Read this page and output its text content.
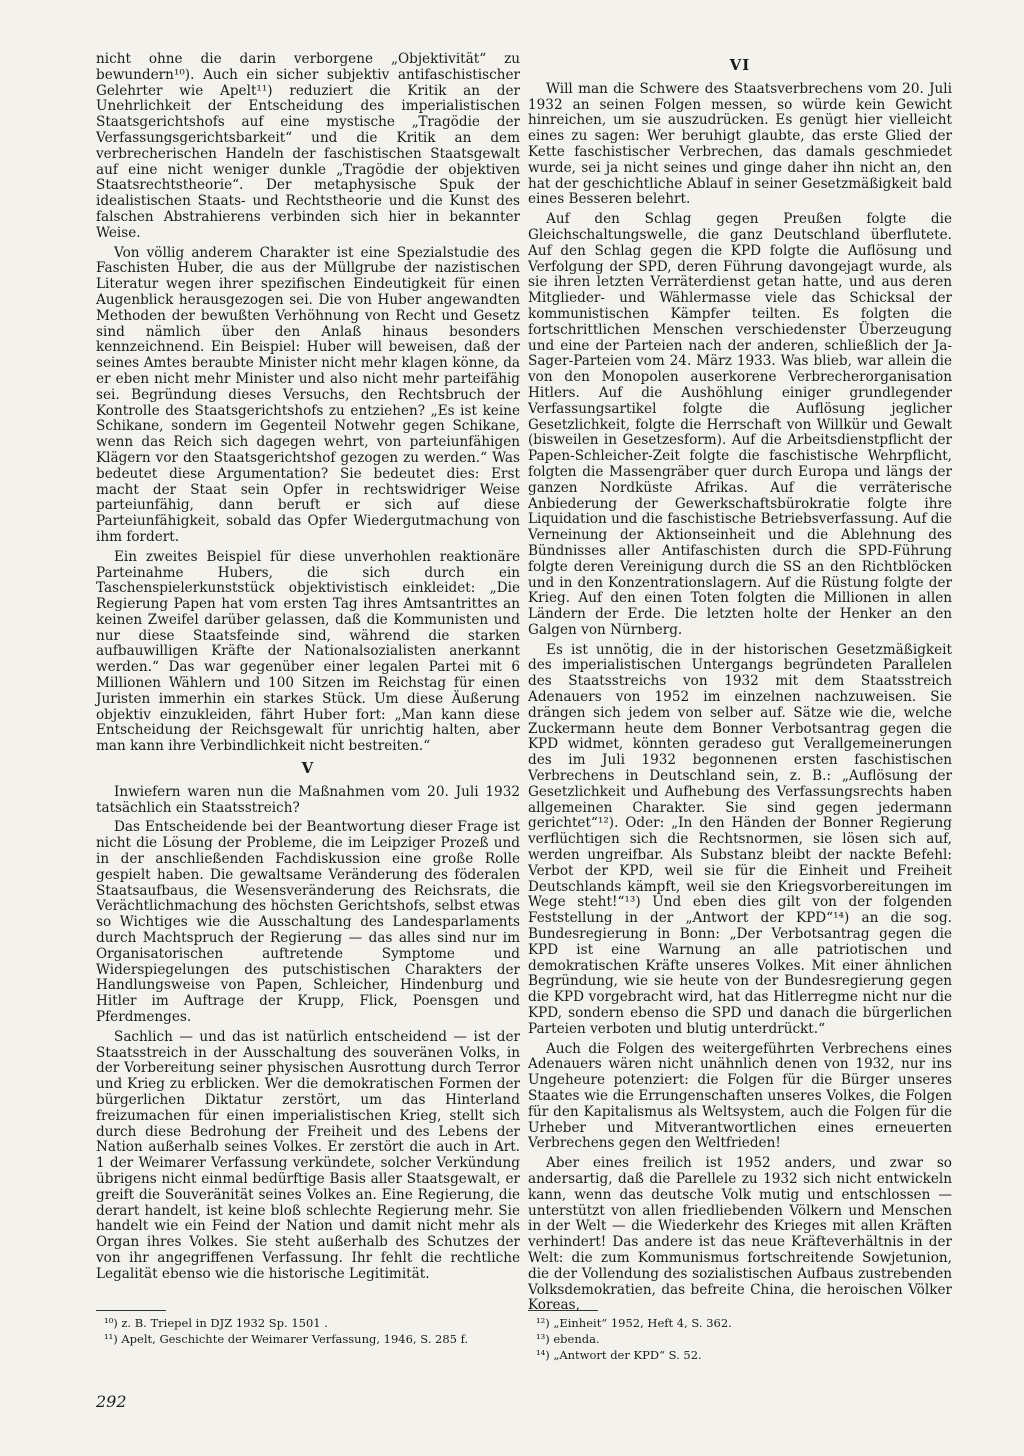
nicht ohne die darin verborgene „Objektivität“ zu bewundern¹⁰). Auch ein sicher subjektiv antifaschistischer Gelehrter wie Apelt¹¹) reduziert die Kritik an der Unehrlichkeit der Entscheidung des imperialistischen Staatsgerichtshofs auf eine mystische „Tragödie der Verfassungsgerichtsbarkeit“ und die Kritik an dem verbrecherischen Handeln der faschistischen Staatsgewalt auf eine nicht weniger dunkle „Tragödie der objektiven Staatsrechtstheorie“. Der metaphysische Spuk der idealistischen Staats- und Rechtstheorie und die Kunst des falschen Abstrahierens verbinden sich hier in bekannter Weise.

Von völlig anderem Charakter ist eine Spezialstudie des Faschisten Huber, die aus der Müllgrube der nazistischen Literatur wegen ihrer spezifischen Eindeutigkeit für einen Augenblick herausgezogen sei. Die von Huber angewandten Methoden der bewußten Verhöhnung von Recht und Gesetz sind nämlich über den Anlaß hinaus besonders kennzeichnend. Ein Beispiel: Huber will beweisen, daß der seines Amtes beraubte Minister nicht mehr klagen könne, da er eben nicht mehr Minister und also nicht mehr parteifähig sei. Begründung dieses Versuchs, den Rechtsbruch der Kontrolle des Staatsgerichtshofs zu entziehen? „Es ist keine Schikane, sondern im Gegenteil Notwehr gegen Schikane, wenn das Reich sich dagegen wehrt, von parteiunfähigen Klägern vor den Staatsgerichtshof gezogen zu werden.“ Was bedeutet diese Argumentation? Sie bedeutet dies: Erst macht der Staat sein Opfer in rechtswidriger Weise parteiunfähig, dann beruft er sich auf diese Parteiunfähigkeit, sobald das Opfer Wiedergutmachung von ihm fordert.

Ein zweites Beispiel für diese unverhohlen reaktionäre Parteinahme Hubers, die sich durch ein Taschenspielerkunststück objektivistisch einkleidet: „Die Regierung Papen hat vom ersten Tag ihres Amtsantrittes an keinen Zweifel darüber gelassen, daß die Kommunisten und nur diese Staatsfeinde sind, während die starken aufbauwilligen Kräfte der Nationalsozialisten anerkannt werden.“ Das war gegenüber einer legalen Partei mit 6 Millionen Wählern und 100 Sitzen im Reichstag für einen Juristen immerhin ein starkes Stück. Um diese Äußerung objektiv einzukleiden, fährt Huber fort: „Man kann diese Entscheidung der Reichsgewalt für unrichtig halten, aber man kann ihre Verbindlichkeit nicht bestreiten.“

V

Inwiefern waren nun die Maßnahmen vom 20. Juli 1932 tatsächlich ein Staatsstreich?

Das Entscheidende bei der Beantwortung dieser Frage ist nicht die Lösung der Probleme, die im Leipziger Prozeß und in der anschließenden Fachdiskussion eine große Rolle gespielt haben. Die gewaltsame Veränderung des föderalen Staatsaufbaus, die Wesensveränderung des Reichsrats, die Verächtlichmachung des höchsten Gerichtshofs, selbst etwas so Wichtiges wie die Ausschaltung des Landesparlaments durch Machtspruch der Regierung — das alles sind nur im Organisatorischen auftretende Symptome und Widerspiegelungen des putschistischen Charakters der Handlungsweise von Papen, Schleicher, Hindenburg und Hitler im Auftrage der Krupp, Flick, Poensgen und Pferdmenges.

Sachlich — und das ist natürlich entscheidend — ist der Staatsstreich in der Ausschaltung des souveränen Volks, in der Vorbereitung seiner physischen Ausrottung durch Terror und Krieg zu erblicken. Wer die demokratischen Formen der bürgerlichen Diktatur zerstört, um das Hinterland freizumachen für einen imperialistischen Krieg, stellt sich durch diese Bedrohung der Freiheit und des Lebens der Nation außerhalb seines Volkes. Er zerstört die auch in Art. 1 der Weimarer Verfassung verkündete, solcher Verkündung übrigens nicht einmal bedürftige Basis aller Staatsgewalt, er greift die Souveränität seines Volkes an. Eine Regierung, die derart handelt, ist keine bloß schlechte Regierung mehr. Sie handelt wie ein Feind der Nation und damit nicht mehr als Organ ihres Volkes. Sie steht außerhalb des Schutzes der von ihr angegriffenen Verfassung. Ihr fehlt die rechtliche Legalität ebenso wie die historische Legitimität.

VI

Will man die Schwere des Staatsverbrechens vom 20. Juli 1932 an seinen Folgen messen, so würde kein Gewicht hinreichen, um sie auszudrücken. Es genügt hier vielleicht eines zu sagen: Wer beruhigt glaubte, das erste Glied der Kette faschistischer Verbrechen, das damals geschmiedet wurde, sei ja nicht seines und ginge daher ihn nicht an, den hat der geschichtliche Ablauf in seiner Gesetzmäßigkeit bald eines Besseren belehrt.

Auf den Schlag gegen Preußen folgte die Gleichschaltungswelle, die ganz Deutschland überflutete. Auf den Schlag gegen die KPD folgte die Auflösung und Verfolgung der SPD, deren Führung davongejagt wurde, als sie ihren letzten Verräterdienst getan hatte, und aus deren Mitglieder- und Wählermasse viele das Schicksal der kommunistischen Kämpfer teilten. Es folgten die fortschrittlichen Menschen verschiedenster Überzeugung und eine der Parteien nach der anderen, schließlich der Ja-Sager-Parteien vom 24. März 1933. Was blieb, war allein die von den Monopolen auserkorene Verbrecherorganisation Hitlers. Auf die Aushöhlung einiger grundlegender Verfassungsartikel folgte die Auflösung jeglicher Gesetzlichkeit, folgte die Herrschaft von Willkür und Gewalt (bisweilen in Gesetzesform). Auf die Arbeitsdienstpflicht der Papen-Schleicher-Zeit folgte die faschistische Wehrpflicht, folgten die Massengräber quer durch Europa und längs der ganzen Nordküste Afrikas. Auf die verräterische Anbiederung der Gewerkschaftsbürokratie folgte ihre Liquidation und die faschistische Betriebsverfassung. Auf die Verneinung der Aktionseinheit und die Ablehnung des Bündnisses aller Antifaschisten durch die SPD-Führung folgte deren Vereinigung durch die SS an den Richtblöcken und in den Konzentrationslagern. Auf die Rüstung folgte der Krieg. Auf den einen Toten folgten die Millionen in allen Ländern der Erde. Die letzten holte der Henker an den Galgen von Nürnberg.

Es ist unnötig, die in der historischen Gesetzmäßigkeit des imperialistischen Untergangs begründeten Parallelen des Staatsstreichs von 1932 mit dem Staatsstreich Adenauers von 1952 im einzelnen nachzuweisen. Sie drängen sich jedem von selber auf. Sätze wie die, welche Zuckermann heute dem Bonner Verbotsantrag gegen die KPD widmet, könnten geradeso gut Verallgemeinerungen des im Juli 1932 begonnenen ersten faschistischen Verbrechens in Deutschland sein, z. B.: „Auflösung der Gesetzlichkeit und Aufhebung des Verfassungsrechts haben allgemeinen Charakter. Sie sind gegen jedermann gerichtet“¹²). Oder: „In den Händen der Bonner Regierung verflüchtigen sich die Rechtsnormen, sie lösen sich auf, werden ungreifbar. Als Substanz bleibt der nackte Befehl: Verbot der KPD, weil sie für die Einheit und Freiheit Deutschlands kämpft, weil sie den Kriegsvorbereitungen im Wege steht!“¹³) Und eben dies gilt von der folgenden Feststellung in der „Antwort der KPD“¹⁴) an die sog. Bundesregierung in Bonn: „Der Verbotsantrag gegen die KPD ist eine Warnung an alle patriotischen und demokratischen Kräfte unseres Volkes. Mit einer ähnlichen Begründung, wie sie heute von der Bundesregierung gegen die KPD vorgebracht wird, hat das Hitlerregme nicht nur die KPD, sondern ebenso die SPD und danach die bürgerlichen Parteien verboten und blutig unterdrückt.“

Auch die Folgen des weitergeführten Verbrechens eines Adenauers wären nicht unähnlich denen von 1932, nur ins Ungeheure potenziert: die Folgen für die Bürger unseres Staates wie die Errungenschaften unseres Volkes, die Folgen für den Kapitalismus als Weltsystem, auch die Folgen für die Urheber und Mitverantwortlichen eines erneuerten Verbrechens gegen den Weltfrieden!

Aber eines freilich ist 1952 anders, und zwar so andersartig, daß die Parellele zu 1932 sich nicht entwickeln kann, wenn das deutsche Volk mutig und entschlossen — unterstützt von allen friedliebenden Völkern und Menschen in der Welt — die Wiederkehr des Krieges mit allen Kräften verhindert! Das andere ist das neue Kräfteverhältnis in der Welt: die zum Kommunismus fortschreitende Sowjetunion, die der Vollendung des sozialistischen Aufbaus zustrebenden Volksdemokratien, das befreite China, die heroischen Völker Koreas,

¹⁰) z. B. Triepel in DJZ 1932 Sp. 1501 .

¹¹) Apelt, Geschichte der Weimarer Verfassung, 1946, S. 285 f.

¹²) „Einheit“ 1952, Heft 4, S. 362.

¹³) ebenda.

¹⁴) „Antwort der KPD“ S. 52.

292
